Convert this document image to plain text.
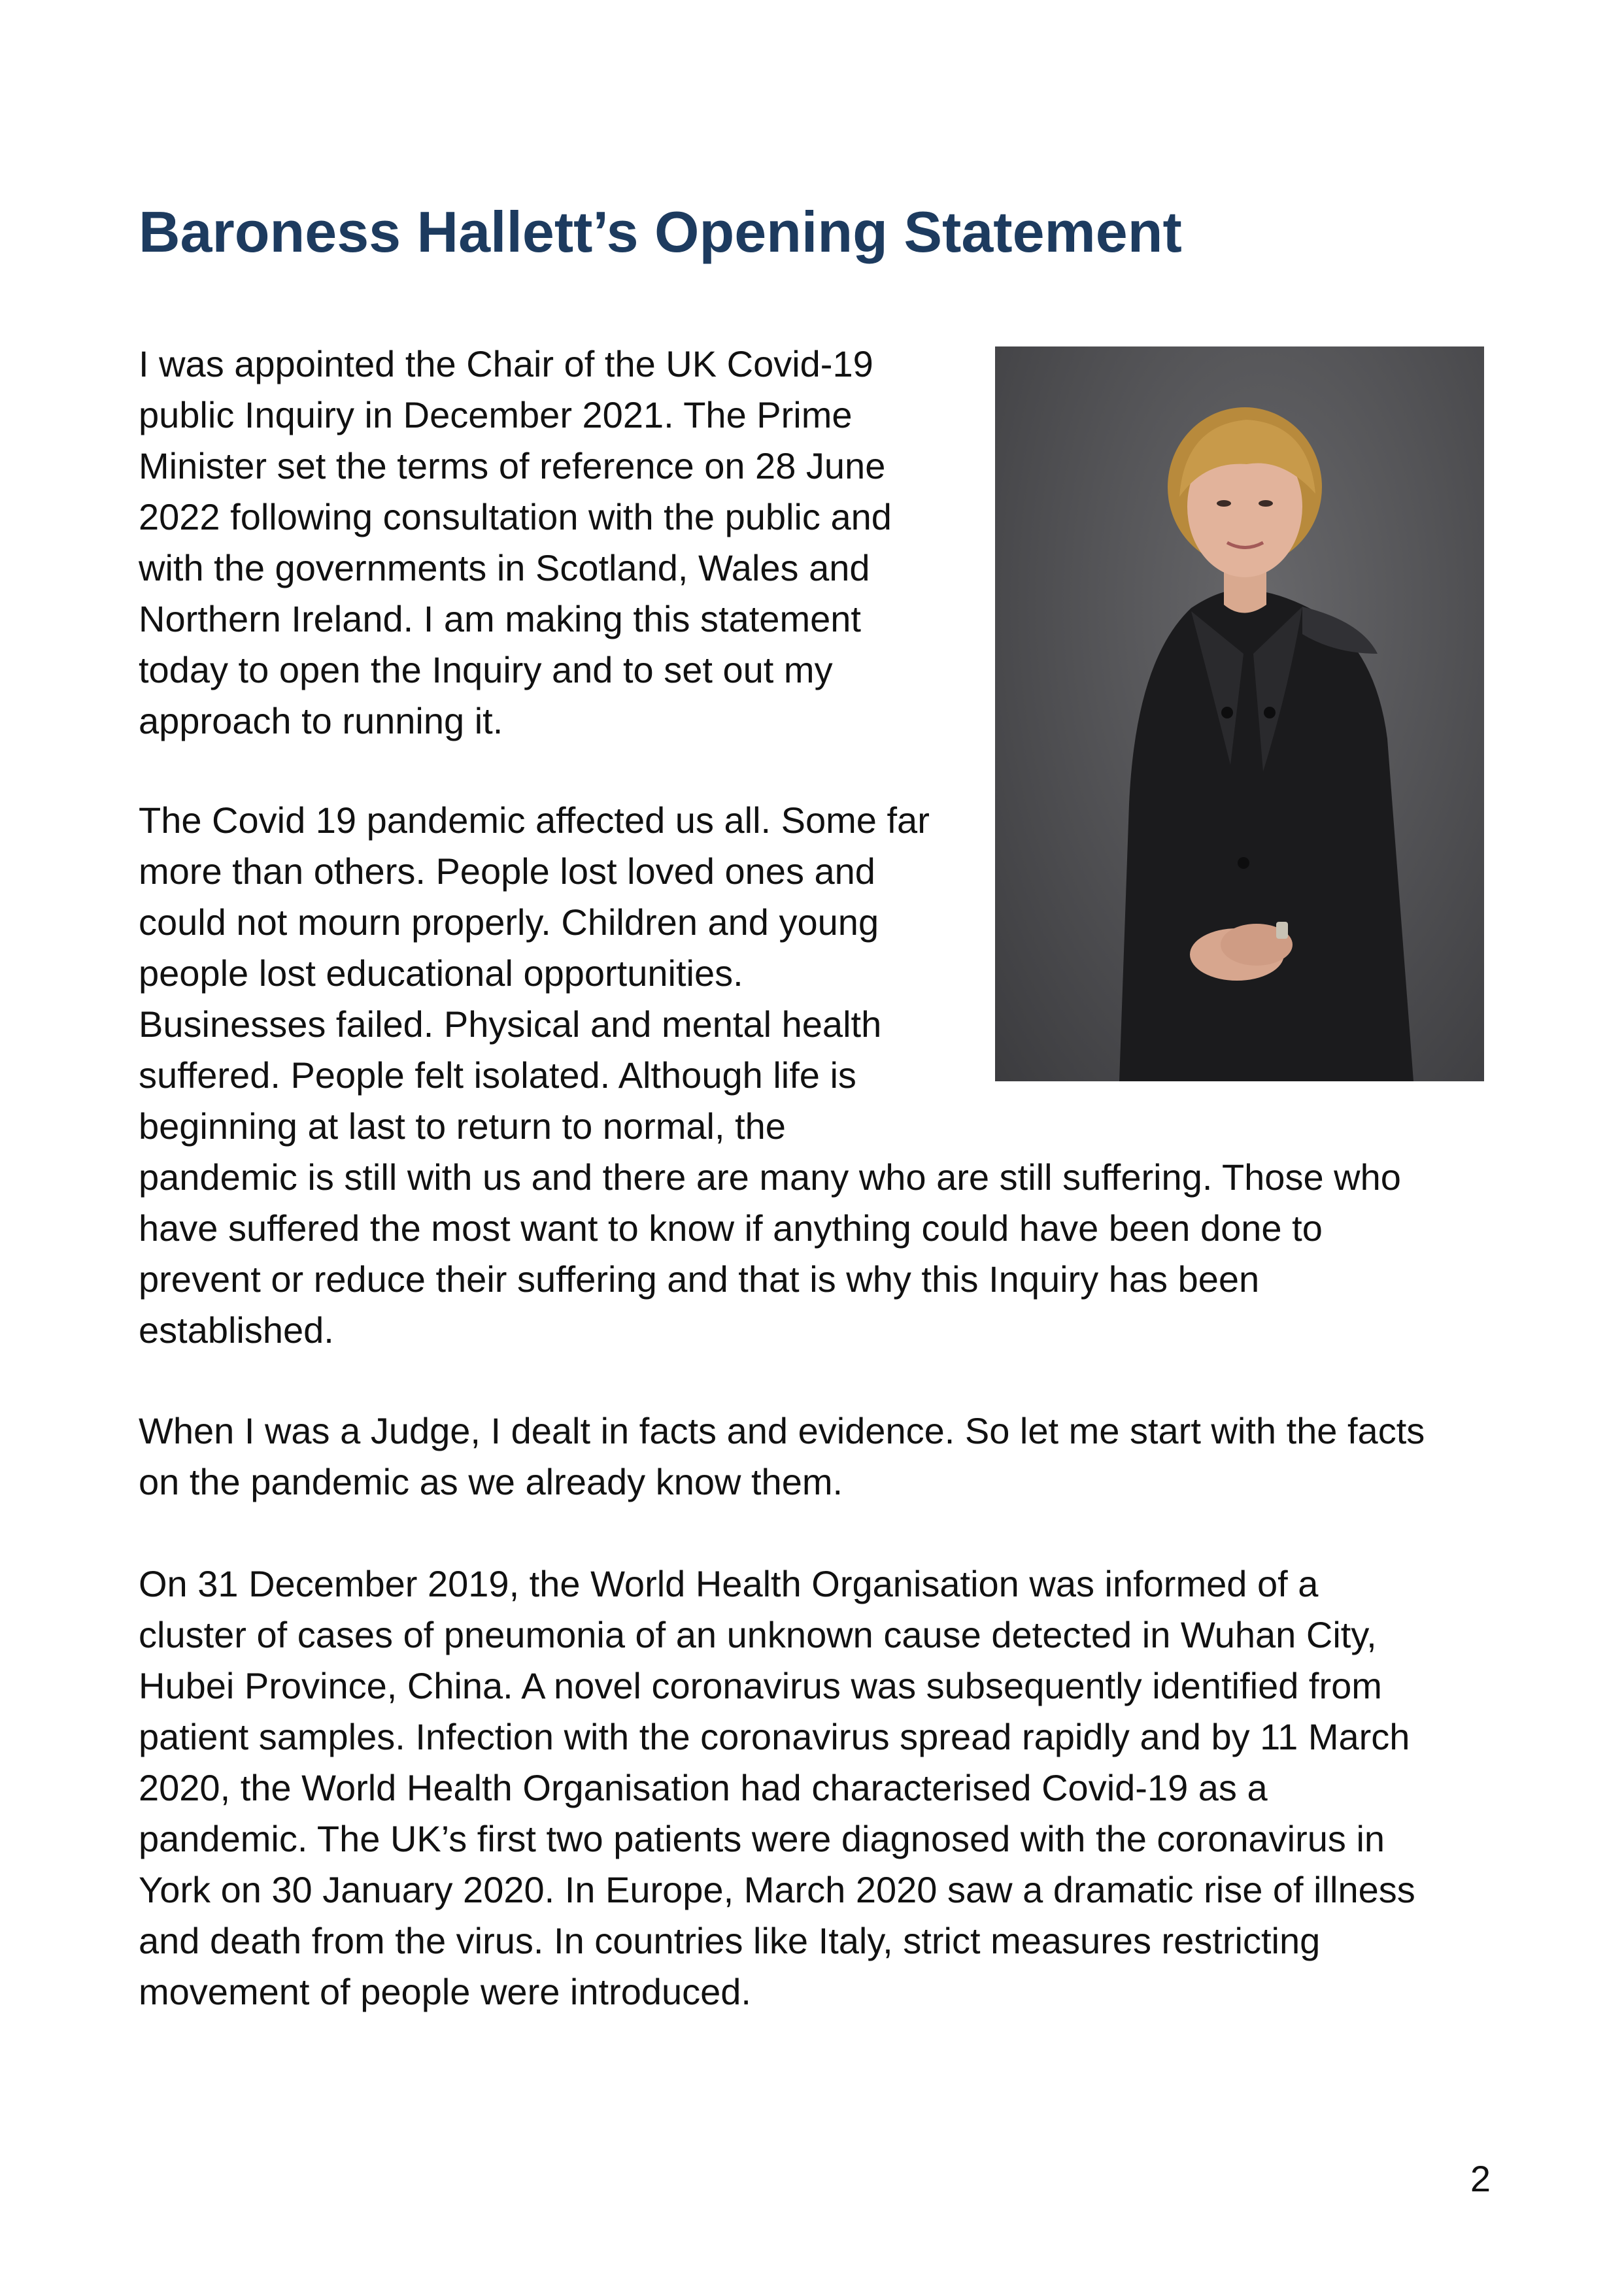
Baroness Hallett’s Opening Statement

I was appointed the Chair of the UK Covid-19
public Inquiry in December 2021. The Prime
Minister set the terms of reference on 28 June
2022 following consultation with the public and
with the governments in Scotland, Wales and
Northern Ireland. I am making this statement
today to open the Inquiry and to set out my
approach to running it.

The Covid 19 pandemic affected us all. Some far
more than others. People lost loved ones and
could not mourn properly. Children and young
people lost educational opportunities.
Businesses failed. Physical and mental health
suffered. People felt isolated. Although life is
beginning at last to return to normal, the
pandemic is still with us and there are many who are still suffering. Those who
have suffered the most want to know if anything could have been done to
prevent or reduce their suffering and that is why this Inquiry has been
established.

When I was a Judge, I dealt in facts and evidence. So let me start with the facts
on the pandemic as we already know them.

On 31 December 2019, the World Health Organisation was informed of a
cluster of cases of pneumonia of an unknown cause detected in Wuhan City,
Hubei Province, China. A novel coronavirus was subsequently identified from
patient samples. Infection with the coronavirus spread rapidly and by 11 March
2020, the World Health Organisation had characterised Covid-19 as a
pandemic. The UK’s first two patients were diagnosed with the coronavirus in
York on 30 January 2020. In Europe, March 2020 saw a dramatic rise of illness
and death from the virus. In countries like Italy, strict measures restricting
movement of people were introduced.

2
